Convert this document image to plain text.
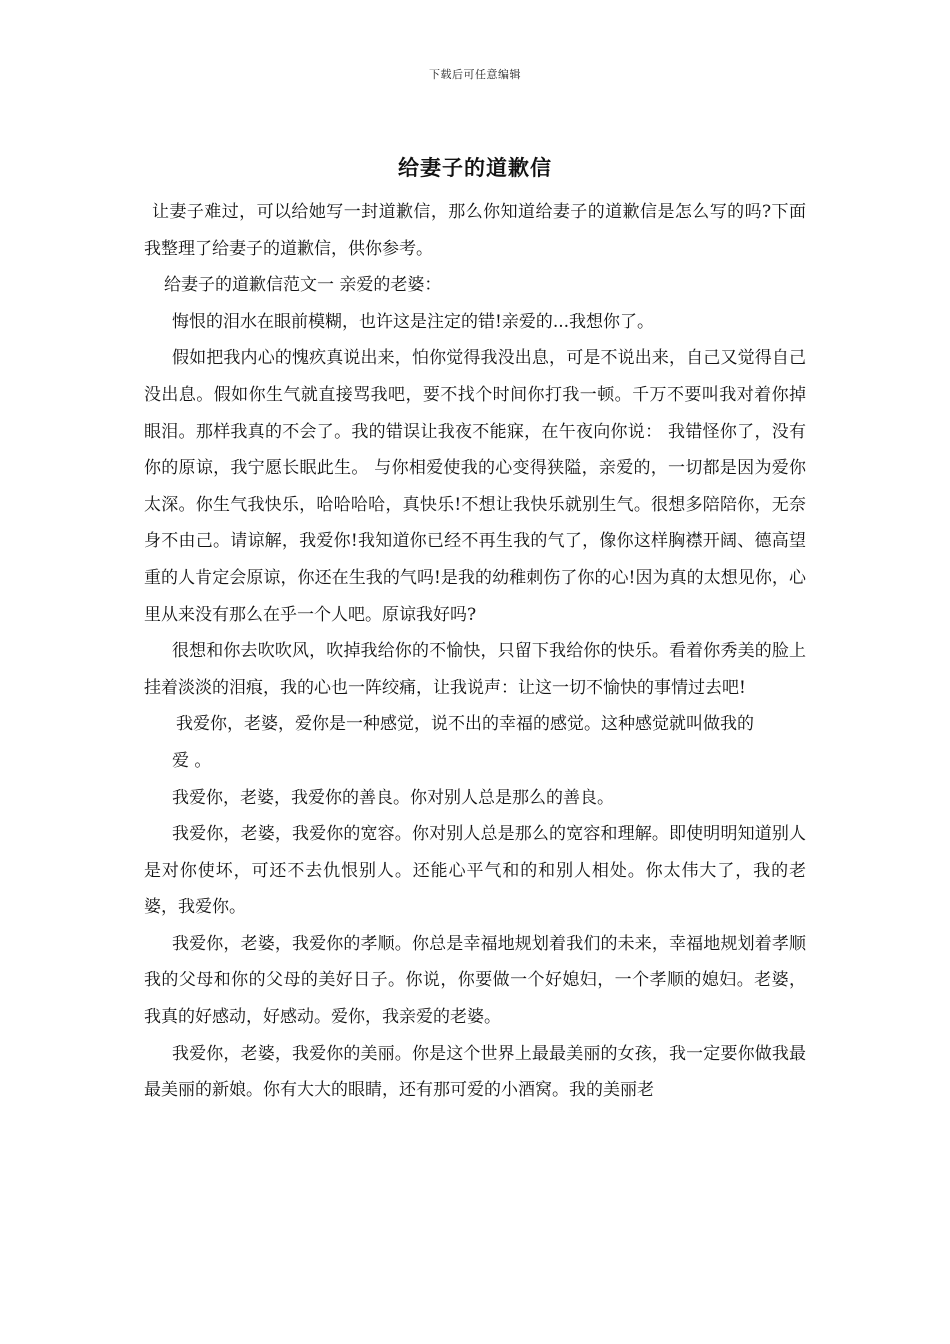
下载后可任意编辑
给妻子的道歉信

让妻子难过，可以给她写一封道歉信，那么你知道给妻子的道歉信是怎么写的吗?下面我整理了给妻子的道歉信，供你参考。

给妻子的道歉信范文一 亲爱的老婆：

悔恨的泪水在眼前模糊，也许这是注定的错!亲爱的...我想你了。

假如把我内心的愧疚真说出来，怕你觉得我没出息，可是不说出来，自己又觉得自己没出息。假如你生气就直接骂我吧，要不找个时间你打我一顿。千万不要叫我对着你掉眼泪。那样我真的不会了。我的错误让我夜不能寐，在午夜向你说： 我错怪你了，没有你的原谅，我宁愿长眠此生。 与你相爱使我的心变得狭隘，亲爱的，一切都是因为爱你太深。你生气我快乐，哈哈哈哈，真快乐!不想让我快乐就别生气。很想多陪陪你，无奈身不由己。请谅解，我爱你!我知道你已经不再生我的气了，像你这样胸襟开阔、德高望重的人肯定会原谅，你还在生我的气吗!是我的幼稚刺伤了你的心!因为真的太想见你，心里从来没有那么在乎一个人吧。原谅我好吗?

很想和你去吹吹风，吹掉我给你的不愉快，只留下我给你的快乐。看着你秀美的脸上挂着淡淡的泪痕，我的心也一阵绞痛，让我说声：让这一切不愉快的事情过去吧!

我爱你，老婆，爱你是一种感觉，说不出的幸福的感觉。这种感觉就叫做我的

爱 。

我爱你，老婆，我爱你的善良。你对别人总是那么的善良。

我爱你，老婆，我爱你的宽容。你对别人总是那么的宽容和理解。即使明明知道别人是对你使坏，可还不去仇恨别人。还能心平气和的和别人相处。你太伟大了，我的老婆，我爱你。

我爱你，老婆，我爱你的孝顺。你总是幸福地规划着我们的未来，幸福地规划着孝顺我的父母和你的父母的美好日子。你说，你要做一个好媳妇，一个孝顺的媳妇。老婆，我真的好感动，好感动。爱你，我亲爱的老婆。

我爱你，老婆，我爱你的美丽。你是这个世界上最最美丽的女孩，我一定要你做我最最美丽的新娘。你有大大的眼睛，还有那可爱的小酒窝。我的美丽老
